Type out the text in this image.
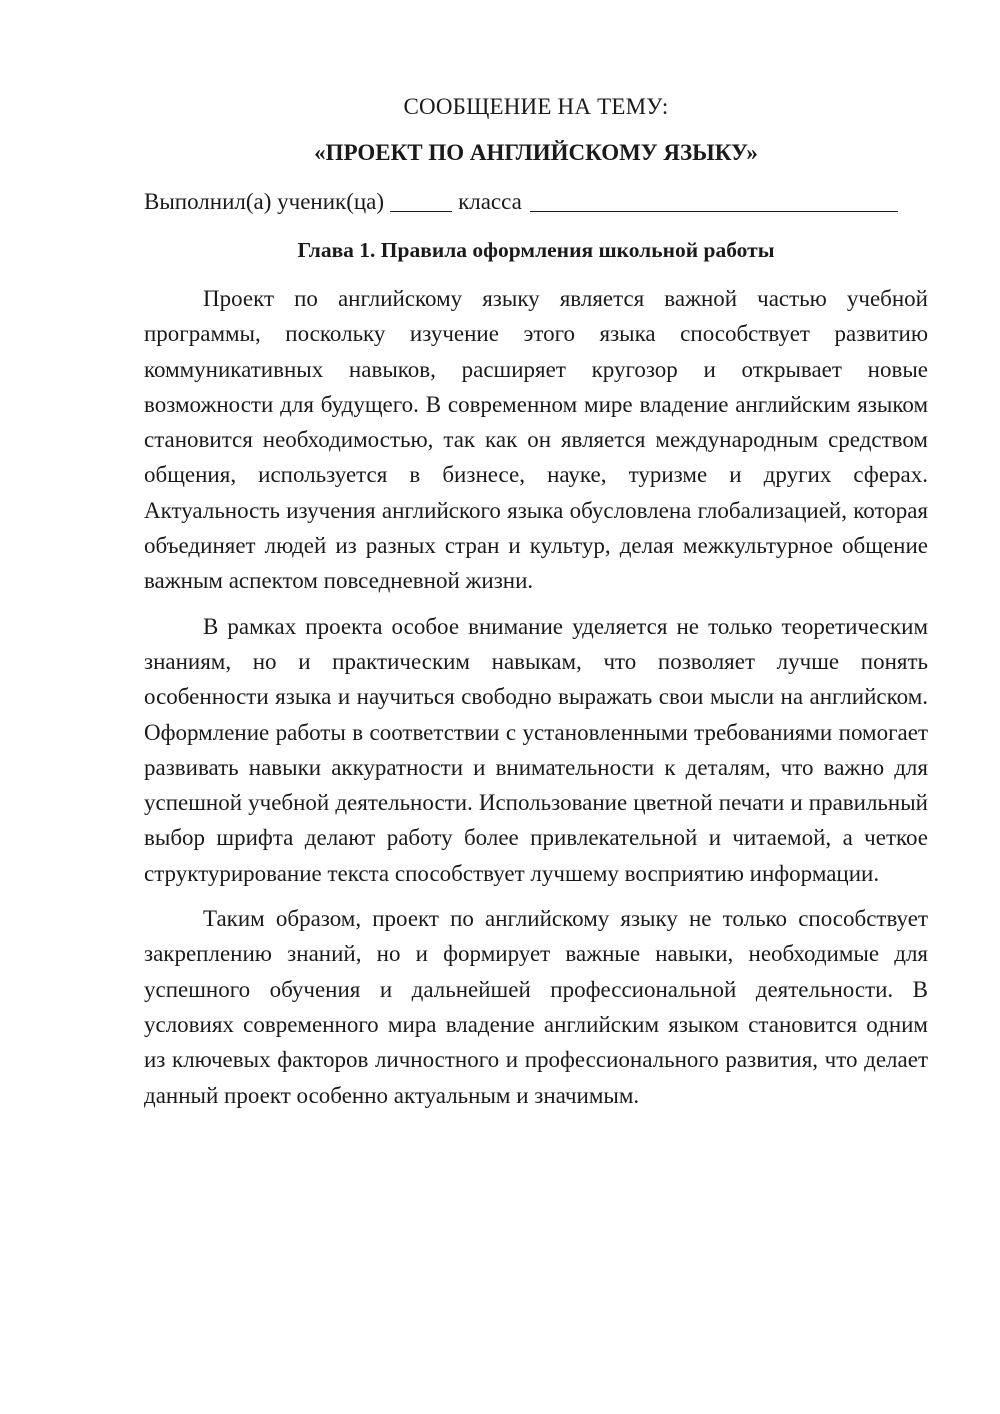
СООБЩЕНИЕ НА ТЕМУ:

«ПРОЕКТ ПО АНГЛИЙСКОМУ ЯЗЫКУ»

Выполнил(а) ученик(ца)	класса

Глава 1. Правила оформления школьной работы

Проект по английскому языку является важной частью учебной программы, поскольку изучение этого языка способствует развитию коммуникативных навыков, расширяет кругозор и открывает новые возможности для будущего. В современном мире владение английским языком становится необходимостью, так как он является международным средством общения, используется в бизнесе, науке, туризме и других сферах. Актуальность изучения английского языка обусловлена глобализацией, которая объединяет людей из разных стран и культур, делая межкультурное общение важным аспектом повседневной жизни.

В рамках проекта особое внимание уделяется не только теоретическим знаниям, но и практическим навыкам, что позволяет лучше понять особенности языка и научиться свободно выражать свои мысли на английском. Оформление работы в соответствии с установленными требованиями помогает развивать навыки аккуратности и внимательности к деталям, что важно для успешной учебной деятельности. Использование цветной печати и правильный выбор шрифта делают работу более привлекательной и читаемой, а четкое структурирование текста способствует лучшему восприятию информации.

Таким образом, проект по английскому языку не только способствует закреплению знаний, но и формирует важные навыки, необходимые для успешного обучения и дальнейшей профессиональной деятельности. В условиях современного мира владение английским языком становится одним из ключевых факторов личностного и профессионального развития, что делает данный проект особенно актуальным и значимым.
